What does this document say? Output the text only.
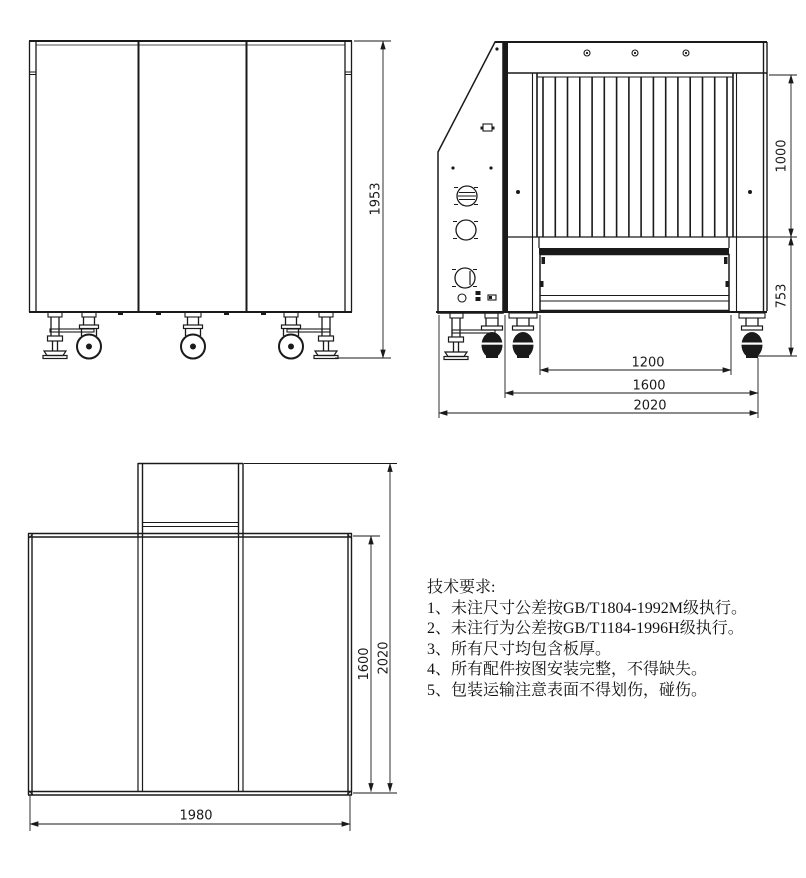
1953
1200
1600
2020
1000
753
1600 2020
1980
技术要求:
1、未注尺寸公差按GB/T1804-1992M级执行。
2、未注行为公差按GB/T1184-1996H级执行。
3、所有尺寸均包含板厚。
4、所有配件按图安装完整，不得缺失。
5、包装运输注意表面不得划伤，碰伤。
